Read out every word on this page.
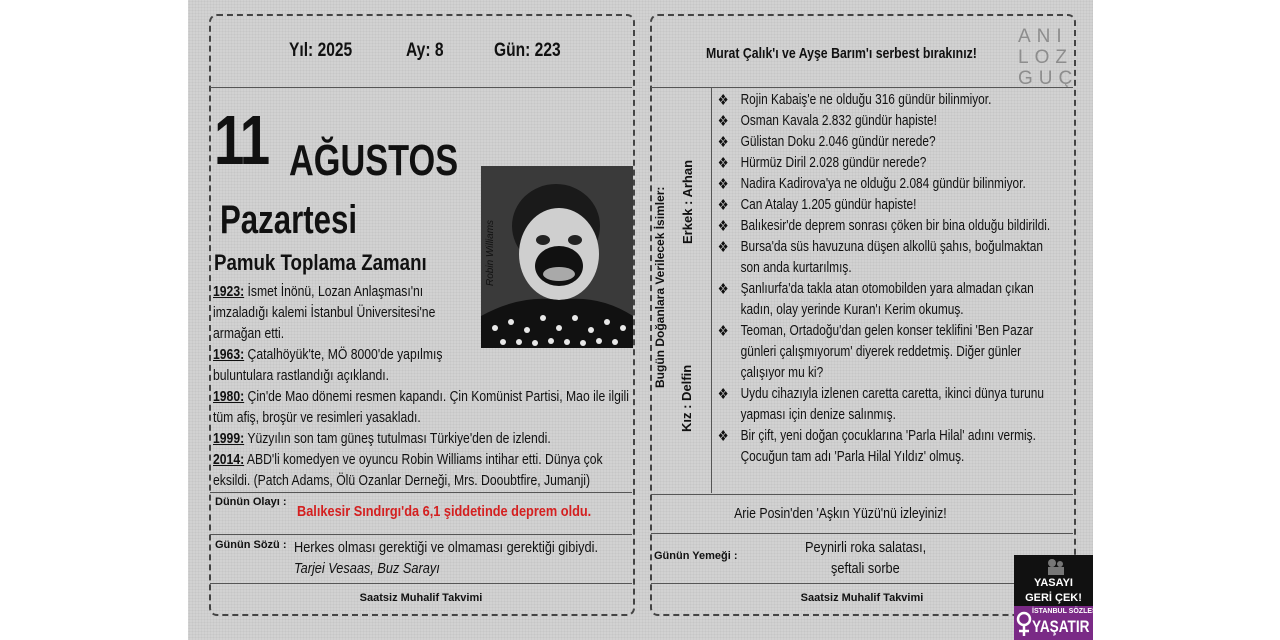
Yıl: 2025	Ay: 8	Gün: 223
11 AĞUSTOS
Pazartesi
Pamuk Toplama Zamanı	Robin Williams
1923: İsmet İnönü, Lozan Anlaşması'nı imzaladığı kalemi İstanbul Üniversitesi'ne armağan etti.
1963: Çatalhöyük'te, MÖ 8000'de yapılmış buluntulara rastlandığı açıklandı.
1980: Çin'de Mao dönemi resmen kapandı. Çin Komünist Partisi, Mao ile ilgili tüm afiş, broşür ve resimleri yasakladı.
1999: Yüzyılın son tam güneş tutulması Türkiye'den de izlendi.
2014: ABD'li komedyen ve oyuncu Robin Williams intihar etti. Dünya çok eksildi. (Patch Adams, Ölü Ozanlar Derneği, Mrs. Dooubtfire, Jumanji)
Dünün Olayı :
Balıkesir Sındırgı'da 6,1 şiddetinde deprem oldu.
Günün Sözü : Herkes olması gerektiği ve olmaması gerektiği gibiydi.
Tarjei Vesaas, Buz Sarayı
Saatsiz Muhalif Takvimi
Murat Çalık'ı ve Ayşe Barım'ı serbest bırakınız!
ANI
LOZ
GUÇ
Bugün Doğanlara Verilecek İsimler: Erkek : Arhan
Kız : Delfin
❖ Rojin Kabaiş'e ne olduğu 316 gündür bilinmiyor.
❖ Osman Kavala 2.832 gündür hapiste!
❖ Gülistan Doku 2.046 gündür nerede?
❖ Hürmüz Diril 2.028 gündür nerede?
❖ Nadira Kadirova'ya ne olduğu 2.084 gündür bilinmiyor.
❖ Can Atalay 1.205 gündür hapiste!
❖ Balıkesir'de deprem sonrası çöken bir bina olduğu bildirildi.
❖ Bursa'da süs havuzuna düşen alkollü şahıs, boğulmaktan son anda kurtarılmış.
❖ Şanlıurfa'da takla atan otomobilden yara almadan çıkan kadın, olay yerinde Kuran'ı Kerim okumuş.
❖ Teoman, Ortadoğu'dan gelen konser teklifini 'Ben Pazar günleri çalışmıyorum' diyerek reddetmiş. Diğer günler çalışıyor mu ki?
❖ Uydu cihazıyla izlenen caretta caretta, ikinci dünya turunu yapması için denize salınmış.
❖ Bir çift, yeni doğan çocuklarına 'Parla Hilal' adını vermiş. Çocuğun tam adı 'Parla Hilal Yıldız' olmuş.
Arie Posin'den 'Aşkın Yüzü'nü izleyiniz!
Günün Yemeği :	Peynirli roka salatası,
şeftali sorbe
Saatsiz Muhalif Takvimi
YASAYI
GERİ ÇEK!
İSTANBUL SÖZLEŞMESİ
YAŞATIR
